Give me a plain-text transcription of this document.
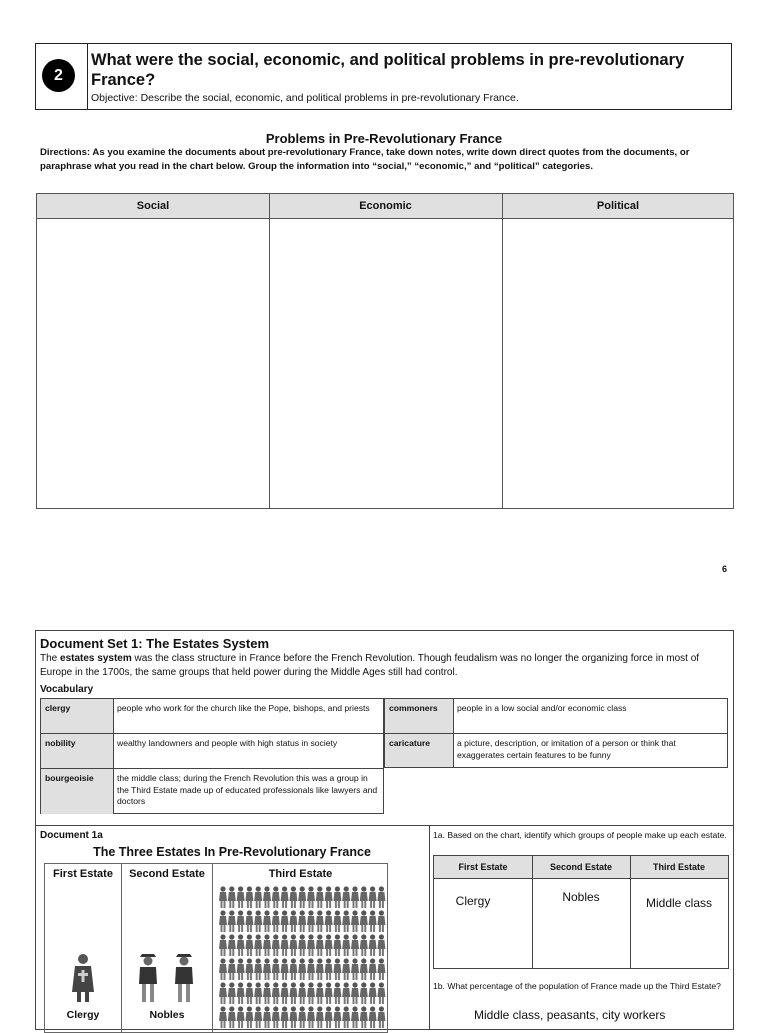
2
What were the social, economic, and political problems in pre-revolutionary France?
Objective: Describe the social, economic, and political problems in pre-revolutionary France.
Problems in Pre-Revolutionary France
Directions: As you examine the documents about pre-revolutionary France, take down notes, write down direct quotes from the documents, or paraphrase what you read in the chart below. Group the information into “social,” “economic,” and “political” categories.
Social	Economic	Political
6
Document Set 1: The Estates System
The estates system was the class structure in France before the French Revolution. Though feudalism was no longer the organizing force in most of Europe in the 1700s, the same groups that held power during the Middle Ages still had control.
Vocabulary
clergy	people who work for the church like the Pope, bishops, and priests
nobility	wealthy landowners and people with high status in society
bourgeoisie	the middle class; during the French Revolution this was a group in the Third Estate made up of educated professionals like lawyers and doctors
commoners	people in a low social and/or economic class
caricature	a picture, description, or imitation of a person or think that exaggerates certain features to be funny
Document 1a
The Three Estates In Pre-Revolutionary France
First Estate	Second Estate	Third Estate
Clergy	Nobles
1a. Based on the chart, identify which groups of people make up each estate.
First Estate	Second Estate	Third Estate
Clergy	Nobles	Middle class
1b. What percentage of the population of France made up the Third Estate?
Middle class, peasants, city workers
